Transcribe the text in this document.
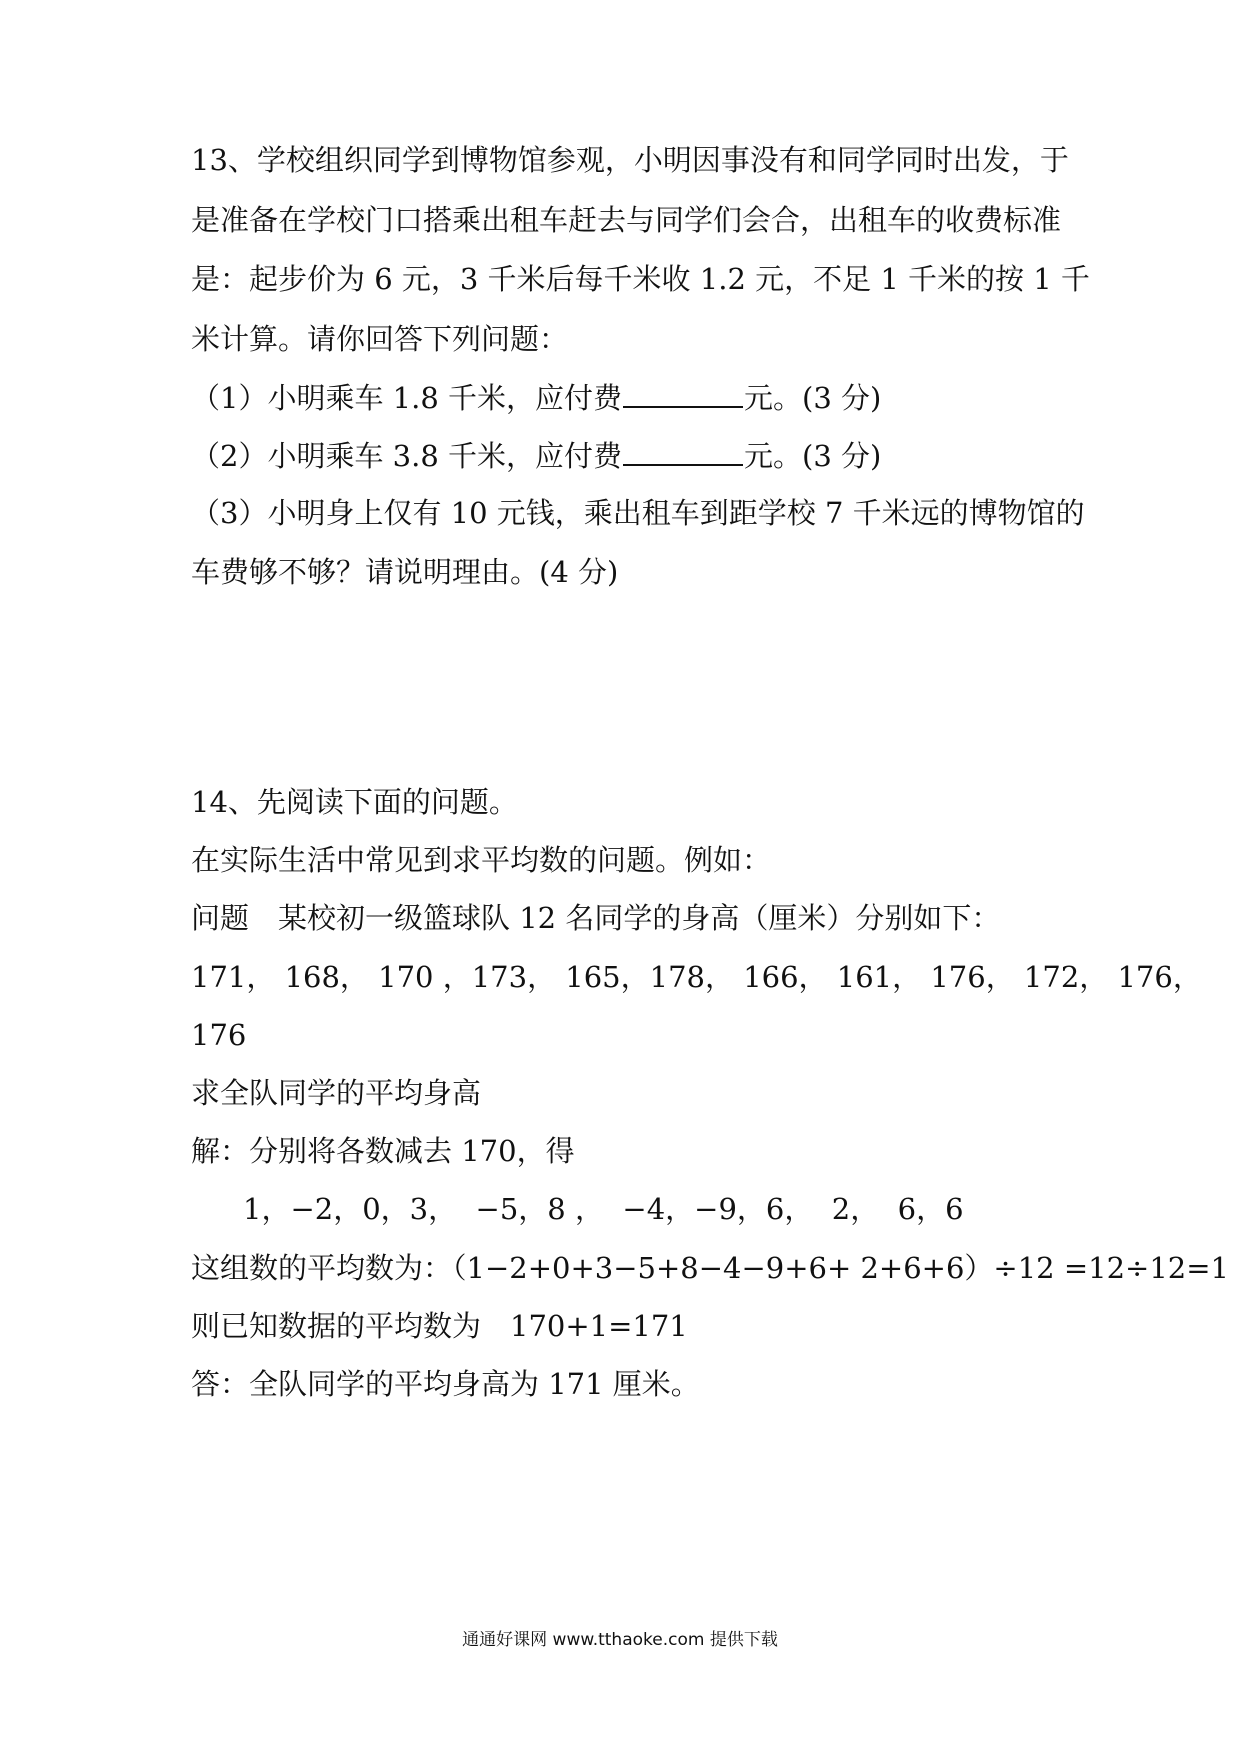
13、学校组织同学到博物馆参观，小明因事没有和同学同时出发，于
是准备在学校门口搭乘出租车赶去与同学们会合，出租车的收费标准
是：起步价为 6 元，3 千米后每千米收 1.2 元，不足 1 千米的按 1 千
米计算。请你回答下列问题：
（1）小明乘车 1.8 千米，应付费	元。(3 分)
（2）小明乘车 3.8 千米，应付费	元。(3 分)
（3）小明身上仅有 10 元钱，乘出租车到距学校 7 千米远的博物馆的
车费够不够？请说明理由。(4 分)
14、先阅读下面的问题。
在实际生活中常见到求平均数的问题。例如：
问题　某校初一级篮球队 12 名同学的身高（厘米）分别如下：
171， 168， 170 ，173， 165，178， 166， 161， 176， 172， 176，
176
求全队同学的平均身高
解：分别将各数减去 170，得
1，−2，0，3，  −5，8 ，  −4，−9，6，  2，  6，6
这组数的平均数为：（1−2+0+3−5+8−4−9+6+ 2+6+6）÷12 =12÷12=1
则已知数据的平均数为　170+1=171
答：全队同学的平均身高为 171 厘米。
通通好课网 www.tthaoke.com 提供下载
